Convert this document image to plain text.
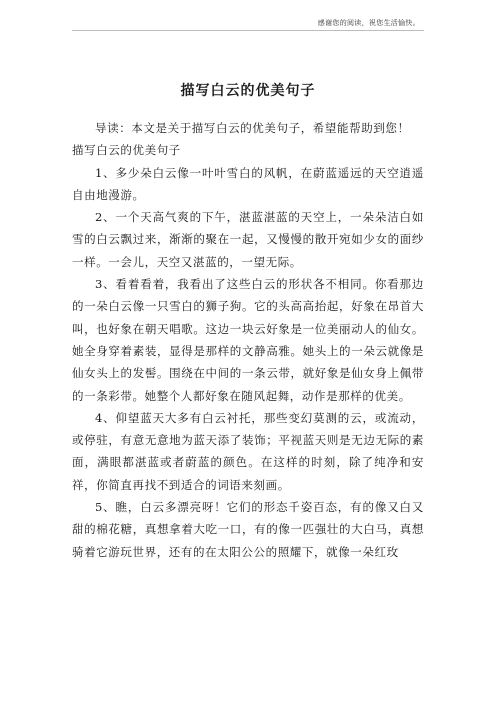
感谢您的阅读，祝您生活愉快。
描写白云的优美句子

导读：本文是关于描写白云的优美句子，希望能帮助到您！

描写白云的优美句子

1、多少朵白云像一叶叶雪白的风帆，在蔚蓝遥远的天空逍遥自由地漫游。

2、一个天高气爽的下午，湛蓝湛蓝的天空上，一朵朵洁白如雪的白云飘过来，渐渐的聚在一起，又慢慢的散开宛如少女的面纱一样。一会儿，天空又湛蓝的，一望无际。

3、看着看着，我看出了这些白云的形状各不相同。你看那边的一朵白云像一只雪白的狮子狗。它的头高高抬起，好象在昂首大叫，也好象在朝天唱歌。这边一块云好象是一位美丽动人的仙女。她全身穿着素装，显得是那样的文静高雅。她头上的一朵云就像是仙女头上的发髻。围绕在中间的一条云带，就好象是仙女身上佩带的一条彩带。她整个人都好象在随风起舞，动作是那样的优美。

4、仰望蓝天大多有白云衬托，那些变幻莫测的云，或流动，或停驻，有意无意地为蓝天添了装饰；平视蓝天则是无边无际的素面，满眼都湛蓝或者蔚蓝的颜色。在这样的时刻，除了纯净和安祥，你简直再找不到适合的词语来刻画。

5、瞧，白云多漂亮呀！它们的形态千姿百态，有的像又白又甜的棉花糖，真想拿着大吃一口，有的像一匹强壮的大白马，真想骑着它游玩世界，还有的在太阳公公的照耀下，就像一朵红玫
